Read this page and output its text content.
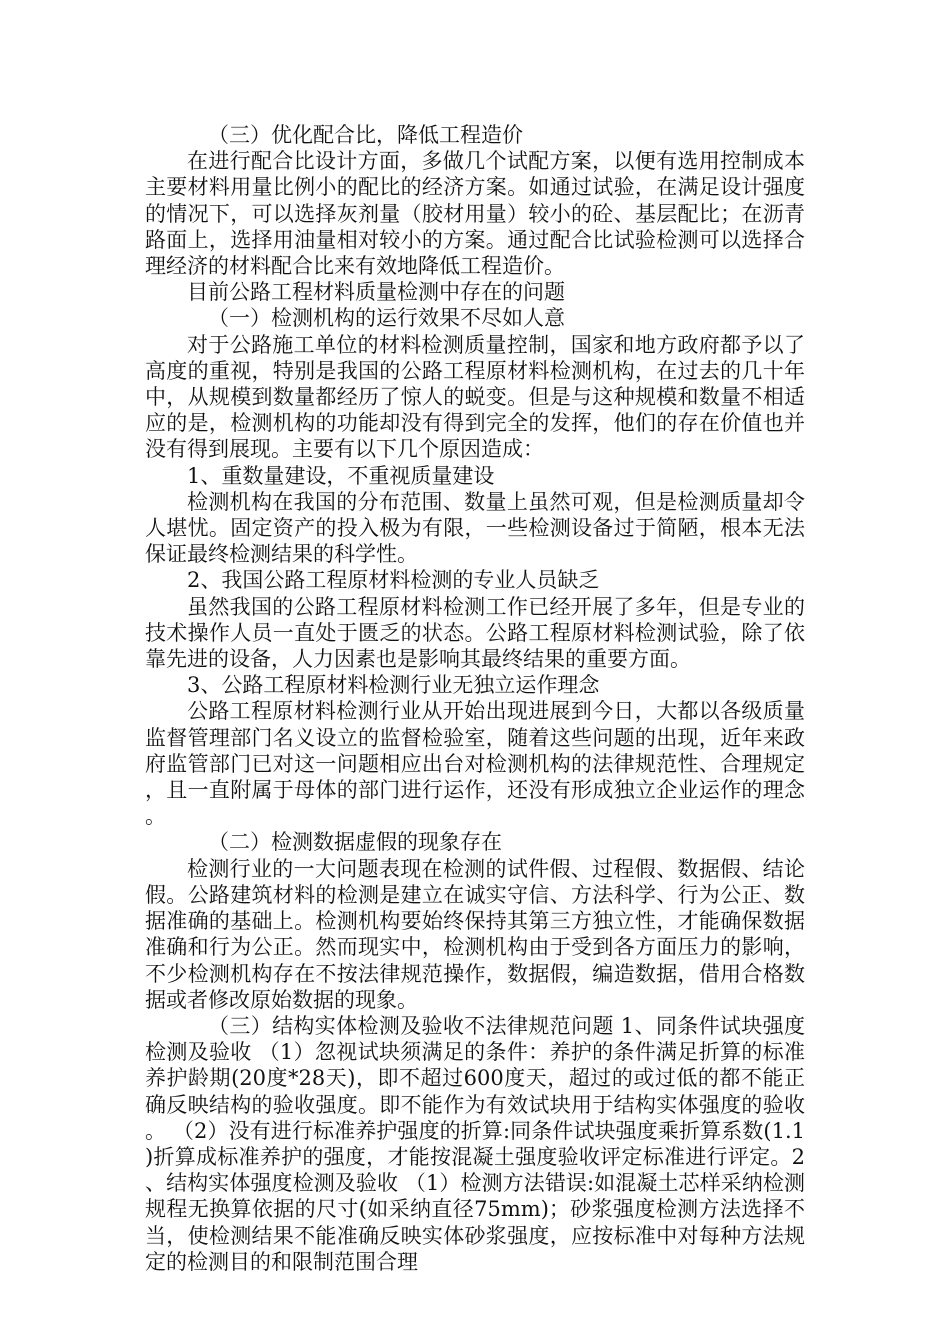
（三）优化配合比，降低工程造价

在进行配合比设计方面，多做几个试配方案，以便有选用控制成本主要材料用量比例小的配比的经济方案。如通过试验，在满足设计强度的情况下，可以选择灰剂量（胶材用量）较小的砼、基层配比；在沥青路面上，选择用油量相对较小的方案。通过配合比试验检测可以选择合理经济的材料配合比来有效地降低工程造价。

目前公路工程材料质量检测中存在的问题

（一）检测机构的运行效果不尽如人意

对于公路施工单位的材料检测质量控制，国家和地方政府都予以了高度的重视，特别是我国的公路工程原材料检测机构，在过去的几十年中，从规模到数量都经历了惊人的蜕变。但是与这种规模和数量不相适应的是，检测机构的功能却没有得到完全的发挥，他们的存在价值也并没有得到展现。主要有以下几个原因造成：

1、重数量建设，不重视质量建设

检测机构在我国的分布范围、数量上虽然可观，但是检测质量却令人堪忧。固定资产的投入极为有限，一些检测设备过于简陋，根本无法保证最终检测结果的科学性。

2、我国公路工程原材料检测的专业人员缺乏

虽然我国的公路工程原材料检测工作已经开展了多年，但是专业的技术操作人员一直处于匮乏的状态。公路工程原材料检测试验，除了依靠先进的设备，人力因素也是影响其最终结果的重要方面。

3、公路工程原材料检测行业无独立运作理念

公路工程原材料检测行业从开始出现进展到今日，大都以各级质量监督管理部门名义设立的监督检验室，随着这些问题的出现，近年来政府监管部门已对这一问题相应出台对检测机构的法律规范性、合理规定，且一直附属于母体的部门进行运作，还没有形成独立企业运作的理念。

（二）检测数据虚假的现象存在

检测行业的一大问题表现在检测的试件假、过程假、数据假、结论假。公路建筑材料的检测是建立在诚实守信、方法科学、行为公正、数据准确的基础上。检测机构要始终保持其第三方独立性，才能确保数据准确和行为公正。然而现实中，检测机构由于受到各方面压力的影响，不少检测机构存在不按法律规范操作，数据假，编造数据，借用合格数据或者修改原始数据的现象。

（三）结构实体检测及验收不法律规范问题 1、同条件试块强度检测及验收 （1）忽视试块须满足的条件：养护的条件满足折算的标准养护龄期(20度*28天)，即不超过600度天，超过的或过低的都不能正确反映结构的验收强度。即不能作为有效试块用于结构实体强度的验收。 （2）没有进行标准养护强度的折算:同条件试块强度乘折算系数(1.1)折算成标准养护的强度，才能按混凝土强度验收评定标准进行评定。2、结构实体强度检测及验收 （1）检测方法错误:如混凝土芯样采纳检测规程无换算依据的尺寸(如采纳直径75mm)；砂浆强度检测方法选择不当，使检测结果不能准确反映实体砂浆强度，应按标准中对每种方法规定的检测目的和限制范围合理
